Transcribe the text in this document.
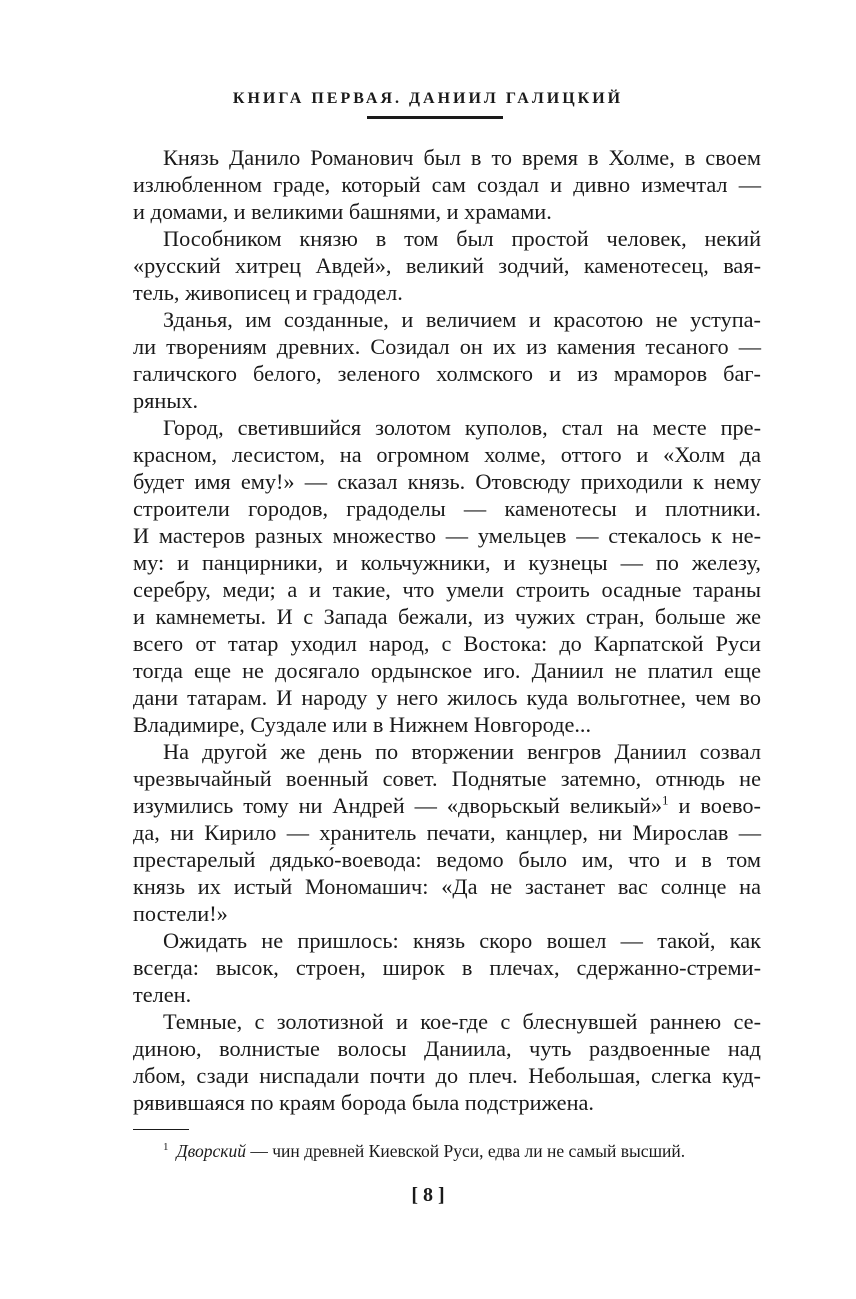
КНИГА ПЕРВАЯ. ДАНИИЛ ГАЛИЦКИЙ
Князь Данило Романович был в то время в Холме, в своем
излюбленном граде, который сам создал и дивно измечтал —
и домами, и великими башнями, и храмами.
Пособником князю в том был простой человек, некий
«русский хитрец Авдей», великий зодчий, каменотесец, вая-
тель, живописец и градодел.
Зданья, им созданные, и величием и красотою не уступа-
ли творениям древних. Созидал он их из камения тесаного —
галичского белого, зеленого холмского и из мраморов баг-
ряных.
Город, светившийся золотом куполов, стал на месте пре-
красном, лесистом, на огромном холме, оттого и «Холм да
будет имя ему!» — сказал князь. Отовсюду приходили к нему
строители городов, градоделы — каменотесы и плотники.
И мастеров разных множество — умельцев — стекалось к не-
му: и панцирники, и кольчужники, и кузнецы — по железу,
серебру, меди; а и такие, что умели строить осадные тараны
и камнеметы. И с Запада бежали, из чужих стран, больше же
всего от татар уходил народ, с Востока: до Карпатской Руси
тогда еще не досягало ордынское иго. Даниил не платил еще
дани татарам. И народу у него жилось куда вольготнее, чем во
Владимире, Суздале или в Нижнем Новгороде...
На другой же день по вторжении венгров Даниил созвал
чрезвычайный военный совет. Поднятые затемно, отнюдь не
изумились тому ни Андрей — «дворьскый великый»$^1$ и воево-
да, ни Кирило — хранитель печати, канцлер, ни Мирослав —
престарелый дядько́-воевода: ведомо было им, что и в том
князь их истый Мономашич: «Да не застанет вас солнце на
постели!»
Ожидать не пришлось: князь скоро вошел — такой, как
всегда: высок, строен, широк в плечах, сдержанно-стреми-
телен.
Темные, с золотизной и кое-где с блеснувшей раннею се-
диною, волнистые волосы Даниила, чуть раздвоенные над
лбом, сзади ниспадали почти до плеч. Небольшая, слегка куд-
рявившаяся по краям борода была подстрижена.
$^1$ Дворский — чин древней Киевской Руси, едва ли не самый высший.
[ 8 ]
